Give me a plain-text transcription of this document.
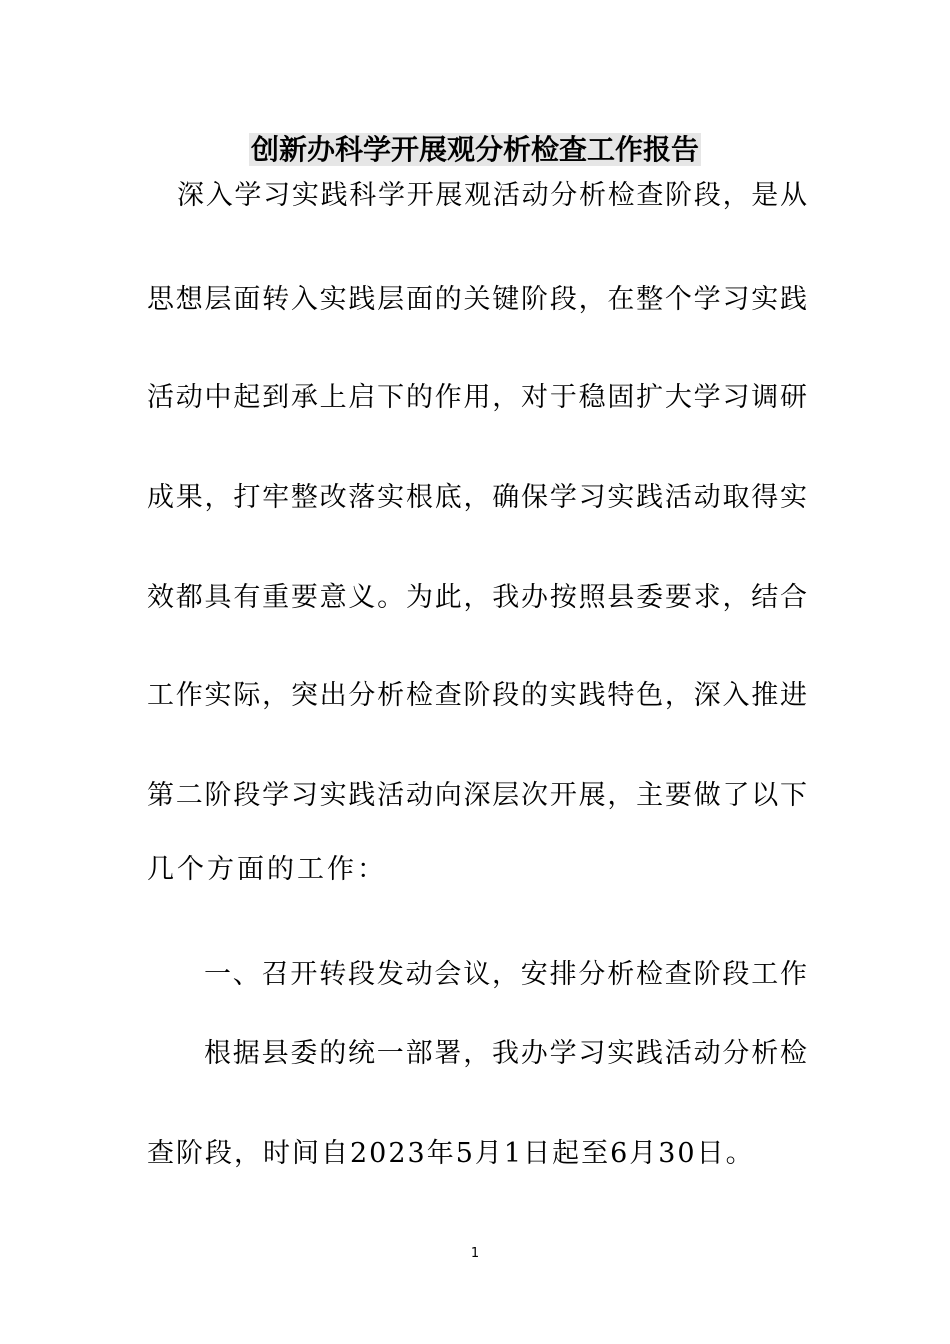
创新办科学开展观分析检查工作报告

深入学习实践科学开展观活动分析检查阶段，是从

思想层面转入实践层面的关键阶段，在整个学习实践

活动中起到承上启下的作用，对于稳固扩大学习调研

成果，打牢整改落实根底，确保学习实践活动取得实

效都具有重要意义。为此，我办按照县委要求，结合

工作实际，突出分析检查阶段的实践特色，深入推进

第二阶段学习实践活动向深层次开展，主要做了以下

几个方面的工作：

一、召开转段发动会议，安排分析检查阶段工作

根据县委的统一部署，我办学习实践活动分析检

查阶段，时间自2023年5月1日起至6月30日。

1
